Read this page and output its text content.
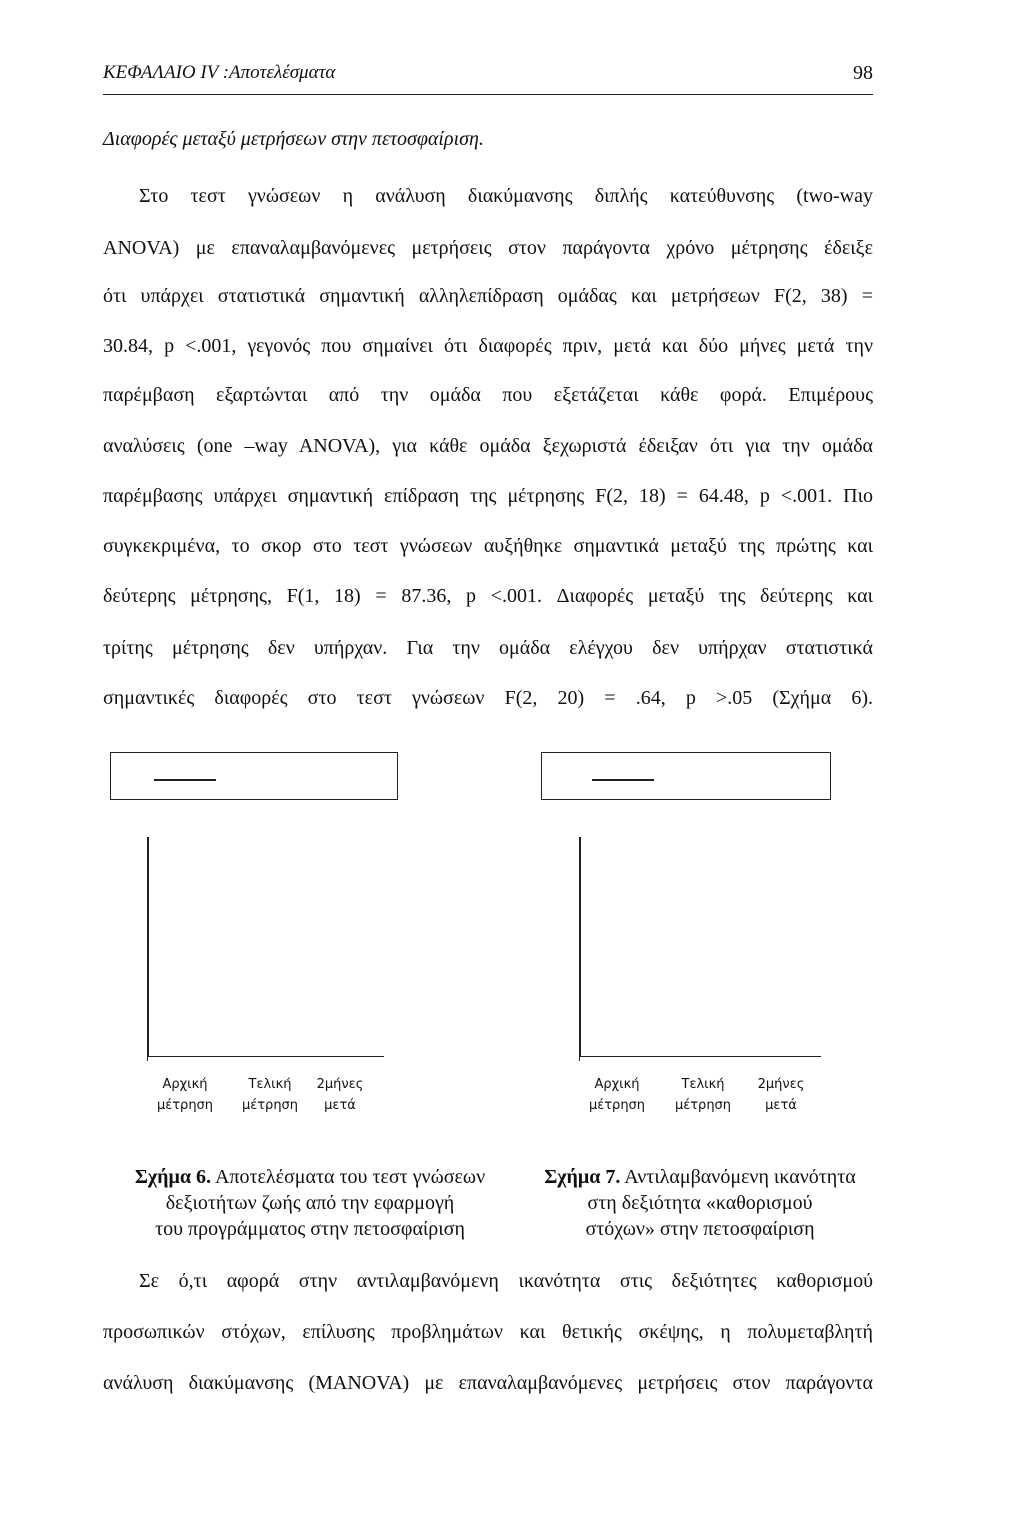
ΚΕΦΑΛΑΙΟ IV :Αποτελέσματα	98
Διαφορές μεταξύ μετρήσεων στην πετοσφαίριση.
Στο τεστ γνώσεων η ανάλυση διακύμανσης διπλής κατεύθυνσης (two-way
ANOVA) με επαναλαμβανόμενες μετρήσεις στον παράγοντα χρόνο μέτρησης έδειξε
ότι υπάρχει στατιστικά σημαντική αλληλεπίδραση ομάδας και μετρήσεων F(2, 38) =
30.84, p <.001, γεγονός που σημαίνει ότι διαφορές πριν, μετά και δύο μήνες μετά την
παρέμβαση εξαρτώνται από την ομάδα που εξετάζεται κάθε φορά. Επιμέρους
αναλύσεις (one –way ANOVA), για κάθε ομάδα ξεχωριστά έδειξαν ότι για την ομάδα
παρέμβασης υπάρχει σημαντική επίδραση της μέτρησης F(2, 18) = 64.48, p <.001. Πιο
συγκεκριμένα, το σκορ στο τεστ γνώσεων αυξήθηκε σημαντικά μεταξύ της πρώτης και
δεύτερης μέτρησης, F(1, 18) = 87.36, p <.001. Διαφορές μεταξύ της δεύτερης και
τρίτης μέτρησης δεν υπήρχαν. Για την ομάδα ελέγχου δεν υπήρχαν στατιστικά
σημαντικές διαφορές στο τεστ γνώσεων F(2, 20) = .64, p >.05 (Σχήμα 6).
Αρχική μέτρηση
Τελική μέτρηση
2μήνες μετά
Αρχική μέτρηση
Τελική μέτρηση
2μήνες μετά
Σχήμα 6. Αποτελέσματα του τεστ γνώσεων
δεξιοτήτων ζωής από την εφαρμογή
του προγράμματος στην πετοσφαίριση
Σχήμα 7. Αντιλαμβανόμενη ικανότητα
στη δεξιότητα «καθορισμού
στόχων» στην πετοσφαίριση
Σε ό,τι αφορά στην αντιλαμβανόμενη ικανότητα στις δεξιότητες καθορισμού
προσωπικών στόχων, επίλυσης προβλημάτων και θετικής σκέψης, η πολυμεταβλητή
ανάλυση διακύμανσης (MANOVA) με επαναλαμβανόμενες μετρήσεις στον παράγοντα
